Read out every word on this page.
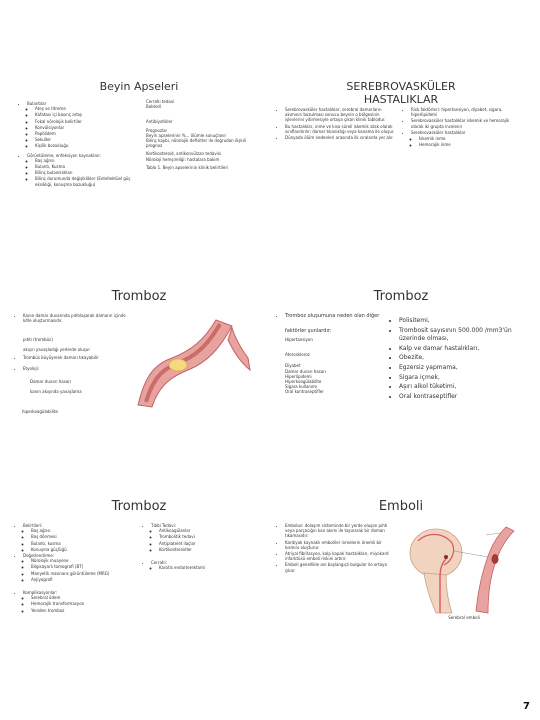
Beyin Apseleri
• Bulantılar
◦ Ateş ve titreme
◦ Kafatası içi basınç artışı
◦ Fokal nörolojik belirtiler
◦ Konvülsiyonlar
◦ Papilödem
◦ Sekuller
◦ Kişilik bozukluğu
• Görüntüleme, enfeksiyon kaynakları:
◦ Baş ağrısı
◦ Bulantı, Kusma
◦ Bilinç bulanıklıkları
◦ Bilinç durumunda değişiklikler (Entellektüel güç eksikliği, konuşma bozukluğu)
Cerrahi tedavi
Bakteril
Antibiyotikler
Prognozlar
Beyin apselerinin %... ölümle sonuçlanır
Bilinç kaybı, nörolojik defisitler ile doğrudan ilişkili prognoz
Kortikosteroid, antikonvülzan tedavisi
Nöroloji hemşireliği: hastalara bakım
Tablo 1. Beyin apselerinin klinik belirtileri
SEREBROVASKÜLER HASTALIKLAR
• Serebrovasküler hastalıklar, serebral damarların akımının bozulması sonucu beynin o bölgesinin işlevlerini yitirmesiyle ortaya çıkan klinik tablodur.
• Bu hastalıklar, inme ve kısa süreli iskemik atak olarak sınıflandırılır; damar tıkanıklığı veya kanama ile oluşur.
• Dünyada ölüm nedenleri arasında ilk sıralarda yer alır.
• Risk faktörleri: hipertansiyon, diyabet, sigara, hiperlipidemi
• Serebrovasküler hastalıklar iskemik ve hemorajik olarak iki grupta incelenir
• Serebrovasküler hastalıklar
◦ İskemik inme
◦ Hemorajik inme
Tromboz
• Kanın damar duvarında pıhtılaşarak damarın içinde kitle oluşturmasıdır.
pıhtı (trombüs)
akışın yavaşladığı yerlerde oluşur
• Trombüs büyüyerek damarı tıkayabilir
• Etyoloji:
Damar duvarı hasarı
kanın akışında yavaşlama
hiperkoagülabilite
Tromboz
• Tromboz oluşumuna neden olan diğer
faktörler şunlardır:
Hipertansiyon
Ateroskleroz
Diyabet
Damar duvarı hasarı
Hiperlipidemi
Hiperkoagülabilite
Sigara kullanımı
Oral kontraseptifler
• Polisitemi,
• Trombosit sayısının 500.000 /mm3'ün üzerinde olması,
• Kalp ve damar hastalıkları,
• Obezite,
• Egzersiz yapmama,
• Sigara içmek,
• Aşırı alkol tüketimi,
• Oral kontraseptifler
Tromboz
• Belirtileri:
◦ Baş ağrısı
◦ Baş dönmesi
◦ Bulantı, kusma
◦ Konuşma güçlüğü
• Değerlendirme:
◦ Nörolojik muayene
◦ Bilgisayarlı tomografi (BT)
◦ Manyetik rezonans görüntüleme (MRG)
◦ Anjiyografi
• Komplikasyonlar:
◦ Serebral ödem
◦ Hemorajik transformasyon
◦ Yeniden tromboz
• Tıbbi Tedavi:
◦ Antikoagülanlar
◦ Trombolitik tedavi
◦ Antiplatelet ilaçlar
◦ Kortikosteroidler
• Cerrahi:
◦ Karotis endarterektomi
Emboli
• Embolus: dolaşım sisteminde bir yerde oluşan pıhtı veya parçacığın kan akımı ile taşınarak bir damarı tıkamasıdır.
• Kardiyak kaynaklı emboliler inmelerin önemli bir kısmını oluşturur.
• Atriyal fibrilasyon, kalp kapak hastalıkları, miyokard infarktüsü emboli riskini artırır.
• Emboli genellikle ani başlangıçlı bulgular ile ortaya çıkar.
Serebral emboli
7
